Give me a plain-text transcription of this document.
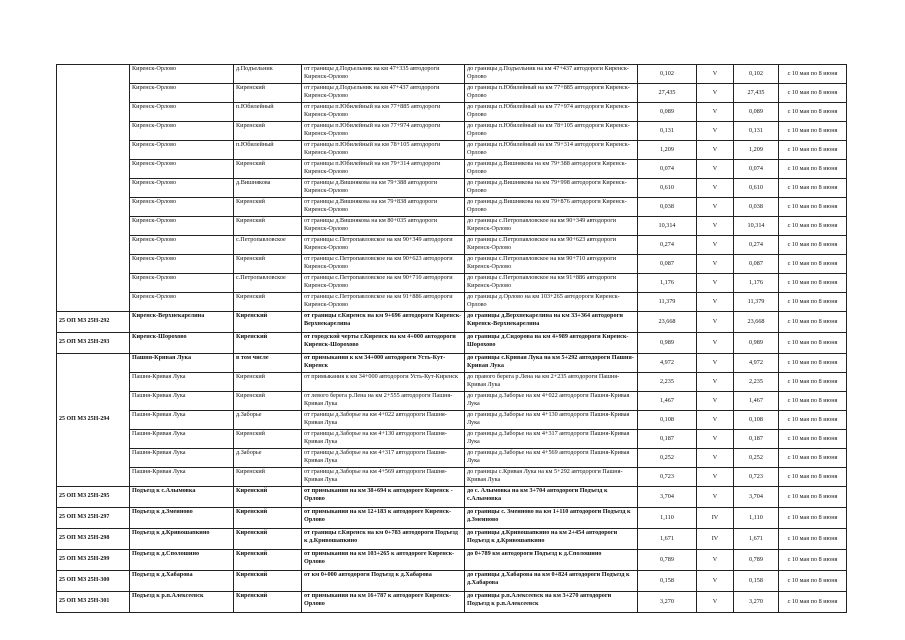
	Киренск-Орлово	д.Подъельник	от границы д.Подъельник на км 47+335 автодороги Киренск-Орлово	до границы д.Подъельник на км 47+437 автодороги Киренск-Орлово	0,102	V	0,102	с 10 мая по 8 июня
	Киренск-Орлово	Киренский	от границы д.Подъельник на км 47+437 автодороги Киренск-Орлово	до границы п.Юбилейный на км 77+885 автодороги Киренск-Орлово	27,435	V	27,435	с 10 мая по 8 июня
	Киренск-Орлово	п.Юбилейный	от границы п.Юбилейный на км 77+885 автодороги Киренск-Орлово	до границы п.Юбилейный на км 77+974 автодороги Киренск-Орлово	0,089	V	0,089	с 10 мая по 8 июня
	Киренск-Орлово	Киренский	от границы п.Юбилейный на км 77+974 автодороги Киренск-Орлово	до границы п.Юбилейный на км 78+105 автодороги Киренск-Орлово	0,131	V	0,131	с 10 мая по 8 июня
	Киренск-Орлово	п.Юбилейный	от границы п.Юбилейный на км 78+105 автодороги Киренск-Орлово	до границы п.Юбилейный на км 79+314 автодороги Киренск-Орлово	1,209	V	1,209	с 10 мая по 8 июня
	Киренск-Орлово	Киренский	от границы п.Юбилейный на км 79+314 автодороги Киренск-Орлово	до границы д.Вишнякова на км 79+388 автодороги Киренск-Орлово	0,074	V	0,074	с 10 мая по 8 июня
	Киренск-Орлово	д.Вишнякова	от границы д.Вишнякова на км 79+388 автодороги Киренск-Орлово	до границы д.Вишнякова на км 79+998 автодороги Киренск-Орлово	0,610	V	0,610	с 10 мая по 8 июня
	Киренск-Орлово	Киренский	от границы д.Вишнякова на км 79+838 автодороги Киренск-Орлово	до границы д.Вишнякова на км 79+876 автодороги Киренск-Орлово	0,038	V	0,038	с 10 мая по 8 июня
	Киренск-Орлово	Киренский	от границы д.Вишнякова на км 80+035 автодороги Киренск-Орлово	до границы с.Петропавловское на км 90+349 автодороги Киренск-Орлово	10,314	V	10,314	с 10 мая по 8 июня
	Киренск-Орлово	с.Петропавловское	от границы с.Петропавловское на км 90+349 автодороги Киренск-Орлово	до границы с.Петропавловское на км 90+623 автодороги Киренск-Орлово	0,274	V	0,274	с 10 мая по 8 июня
	Киренск-Орлово	Киренский	от границы с.Петропавловское на км 90+623 автодороги Киренск-Орлово	до границы с.Петропавловское на км 90+710 автодороги Киренск-Орлово	0,087	V	0,087	с 10 мая по 8 июня
	Киренск-Орлово	с.Петропавловское	от границы с.Петропавловское на км 90+710 автодороги Киренск-Орлово	до границы с.Петропавловское на км 91+886 автодороги Киренск-Орлово	1,176	V	1,176	с 10 мая по 8 июня
	Киренск-Орлово	Киренский	от границы с.Петропавловское на км 91+886 автодороги Киренск-Орлово	до границы д.Орлово на км 103+265 автодороги Киренск-Орлово	11,379	V	11,379	с 10 мая по 8 июня
25 ОП МЗ 25Н-292	Киренск-Верхнекарелина	Киренский	от границы г.Киренск на км 9+696 автодороги Киренск-Верхнекарелина	до границы д.Верхнекарелина на км 33+364 автодороги Киренск-Верхнекарелина	23,668	V	23,668	с 10 мая по 8 июня
25 ОП МЗ 25Н-293	Киренск-Шорохово	Киренский	от городской черты г.Киренск на км 4+000 автодороги Киренск-Шорохово	до границы д.Сидорова на км 4+989 автодороги Киренск-Шорохово	0,989	V	0,989	с 10 мая по 8 июня
25 ОП МЗ 25Н-294	Пашня-Кривая Лука	в том числе	от примыкания к км 34+000 автодороги Усть-Кут-Киренск	до границы с.Кривая Лука на км 5+292 автодороги Пашня-Кривая Лука	4,972	V	4,972	с 10 мая по 8 июня
	Пашня-Кривая Лука	Киренский	от примыкания к км 34+000 автодороги Усть-Кут-Киренск	до правого берега р.Лена на км 2+235 автодороги Пашня-Кривая Лука	2,235	V	2,235	с 10 мая по 8 июня
	Пашня-Кривая Лука	Киренский	от левого берега р.Лена на км 2+555 автодороги Пашня-Кривая Лука	до границы д.Заборье на км 4+022 автодороги Пашня-Кривая Лука	1,467	V	1,467	с 10 мая по 8 июня
	Пашня-Кривая Лука	д.Заборье	от границы д.Заборье на км 4+022 автодороги Пашня-Кривая Лука	до границы д.Заборье на км 4+130 автодороги Пашня-Кривая Лука	0,108	V	0,108	с 10 мая по 8 июня
	Пашня-Кривая Лука	Киренский	от границы д.Заборье на км 4+130 автодороги Пашня-Кривая Лука	до границы д.Заборье на км 4+317 автодороги Пашня-Кривая Лука	0,187	V	0,187	с 10 мая по 8 июня
	Пашня-Кривая Лука	д.Заборье	от границы д.Заборье на км 4+317 автодороги Пашня-Кривая Лука	до границы д.Заборье на км 4+569 автодороги Пашня-Кривая Лука	0,252	V	0,252	с 10 мая по 8 июня
	Пашня-Кривая Лука	Киренский	от границы д.Заборье на км 4+569 автодороги Пашня-Кривая Лука	до границы с.Кривая Лука на км 5+292 автодороги Пашня-Кривая Лука	0,723	V	0,723	с 10 мая по 8 июня
25 ОП МЗ 25Н-295	Подъезд к с.Алымовка	Киренский	от примыкания на км 38+694 к автодороге Киренск - Орлово	до с. Алымовка на км 3+704 автодороги Подъезд к с.Алымовка	3,704	V	3,704	с 10 мая по 8 июня
25 ОП МЗ 25Н-297	Подъезд к д.Змеиново	Киренский	от примыкания на км 12+183 к автодороге Киренск-Орлово	до границы с. Змеиново на км 1+110 автодороги Подъезд к д.Змеиново	1,110	IV	1,110	с 10 мая по 8 июня
25 ОП МЗ 25Н-298	Подъезд к д.Кривошапкино	Киренский	от границы г.Киренск на км 0+783 автодороги Подъезд к д.Кривошапкино	до границы д.Кривошапкино на км 2+454 автодороги Подъезд к д.Кривошапкино	1,671	IV	1,671	с 10 мая по 8 июня
25 ОП МЗ 25Н-299	Подъезд к д.Сполошино	Киренский	от примыкания на км 103+265 к автодороге Киренск-Орлово	до 0+789 км автодороги Подъезд к д.Сполошино	0,789	V	0,789	с 10 мая по 8 июня
25 ОП МЗ 25Н-300	Подъезд к д.Хабарова	Киренский	от км 0+000 автодороги Подъезд к д.Хабарова	до границы д.Хабарова на км 0+824 автодороги Подъезд к д.Хабарова	0,158	V	0,158	с 10 мая по 8 июня
25 ОП МЗ 25Н-301	Подъезд к р.п.Алексеевск	Киренский	от примыкания на км 16+787 к автодороге Киренск-Орлово	до границы р.п.Алексеевск на км 3+270 автодороги Подъезд к р.п.Алексеевск	3,270	V	3,270	с 10 мая по 8 июня
